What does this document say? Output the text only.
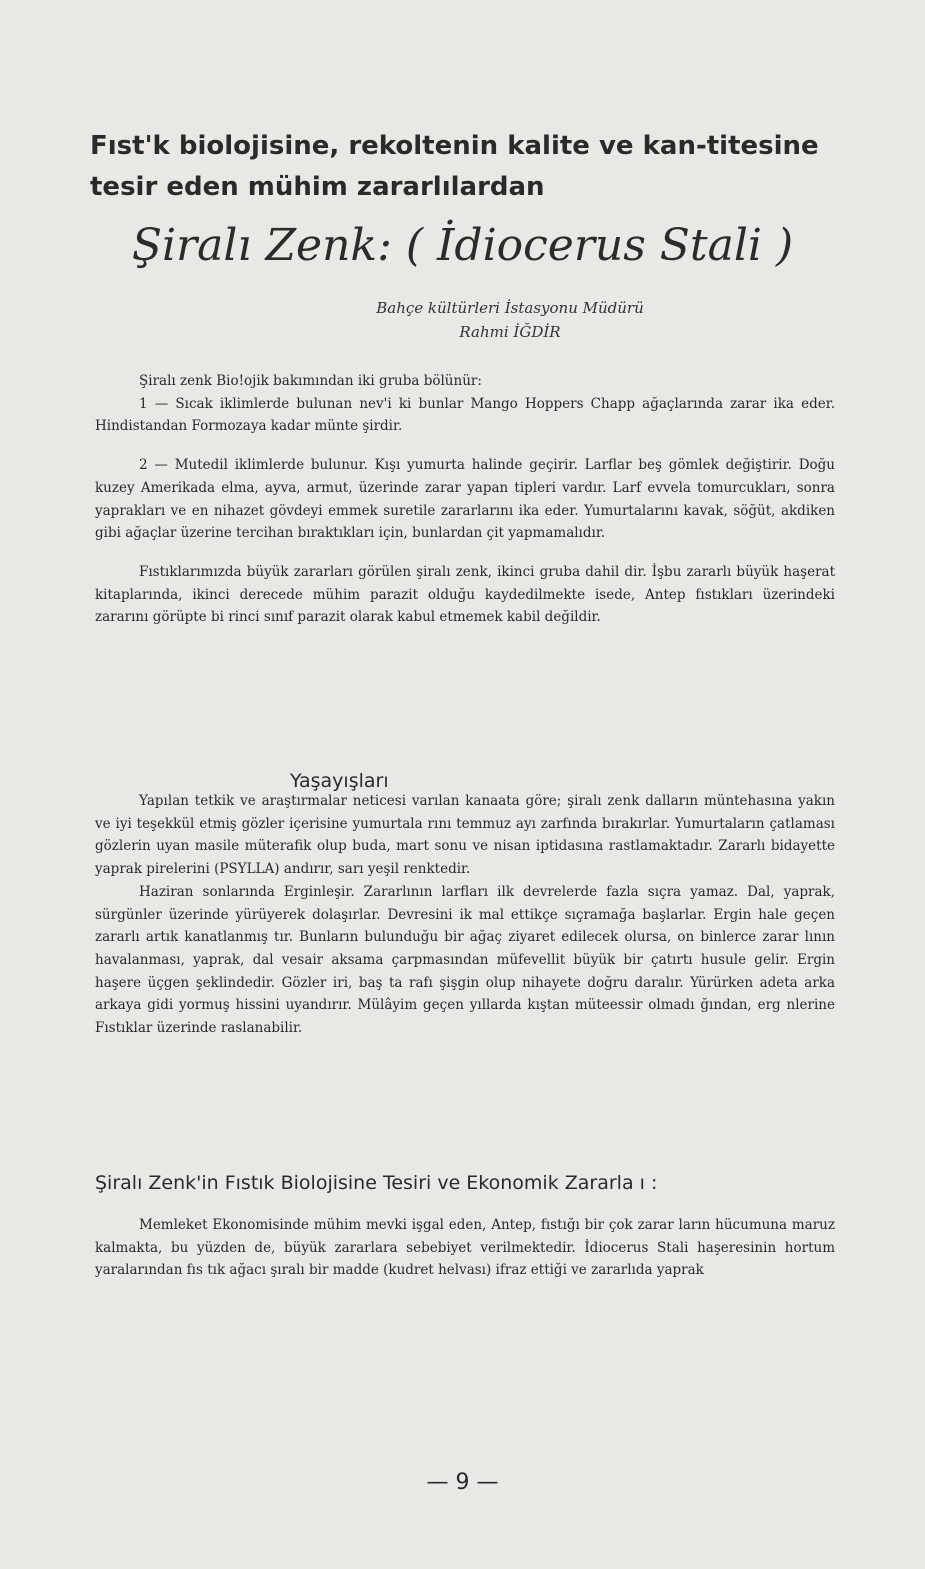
Fıst'k biolojisine, rekoltenin kalite ve kan-titesine tesir eden mühim zararlılardan
Şiralı Zenk: ( İdiocerus Stali )
Bahçe kültürleri İstasyonu Müdürü
Rahmi İĞDİR

Şiralı zenk Bio!ojik bakımından iki gruba bölünür:

1 — Sıcak iklimlerde bulunan nev'i ki bunlar Mango Hoppers Chapp ağaçlarında zarar ika eder. Hindistandan Formozaya kadar münte şirdir.

2 — Mutedil iklimlerde bulunur. Kışı yumurta halinde geçirir. Larflar beş gömlek değiştirir. Doğu kuzey Amerikada elma, ayva, armut, üzerinde zarar yapan tipleri vardır. Larf evvela tomurcukları, sonra yaprakları ve en nihazet gövdeyi emmek suretile zararlarını ika eder. Yumurtalarını kavak, söğüt, akdiken gibi ağaçlar üzerine tercihan bıraktıkları için, bunlardan çit yapmamalıdır.

Fıstıklarımızda büyük zararları görülen şiralı zenk, ikinci gruba dahil dir. İşbu zararlı büyük haşerat kitaplarında, ikinci derecede mühim parazit olduğu kaydedilmekte isede, Antep fıstıkları üzerindeki zararını görüpte bi rinci sınıf parazit olarak kabul etmemek kabil değildir.

Yaşayışları

Yapılan tetkik ve araştırmalar neticesi varılan kanaata göre; şiralı zenk dalların müntehasına yakın ve iyi teşekkül etmiş gözler içerisine yumurtala rını temmuz ayı zarfında bırakırlar. Yumurtaların çatlaması gözlerin uyan masile müterafik olup buda, mart sonu ve nisan iptidasına rastlamaktadır. Zararlı bidayette yaprak pirelerini (PSYLLA) andırır, sarı yeşil renktedir.

Haziran sonlarında Erginleşir. Zararlının larfları ilk devrelerde fazla sıçra yamaz. Dal, yaprak, sürgünler üzerinde yürüyerek dolaşırlar. Devresini ik mal ettikçe sıçramağa başlarlar. Ergin hale geçen zararlı artık kanatlanmış tır. Bunların bulunduğu bir ağaç ziyaret edilecek olursa, on binlerce zarar lının havalanması, yaprak, dal vesair aksama çarpmasından müfevellit büyük bir çatırtı husule gelir. Ergin haşere üçgen şeklindedir. Gözler iri, baş ta rafı şişgin olup nihayete doğru daralır. Yürürken adeta arka arkaya gidi yormuş hissini uyandırır. Mülâyim geçen yıllarda kıştan müteessir olmadı ğından, erg nlerine Fıstıklar üzerinde raslanabilir.

Şiralı Zenk'in Fıstık Biolojisine Tesiri ve Ekonomik Zararla ı :

Memleket Ekonomisinde mühim mevki işgal eden, Antep, fıstığı bir çok zarar ların hücumuna maruz kalmakta, bu yüzden de, büyük zararlara sebebiyet verilmektedir. İdiocerus Stali haşeresinin hortum yaralarından fıs tık ağacı şıralı bir madde (kudret helvası) ifraz ettiği ve zararlıda yaprak

— 9 —
